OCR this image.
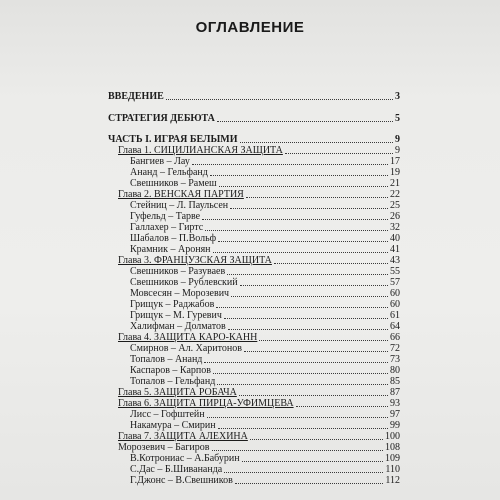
ОГЛАВЛЕНИЕ
ВВЕДЕНИЕ	3
СТРАТЕГИЯ ДЕБЮТА	5
ЧАСТЬ I. ИГРАЯ БЕЛЫМИ	9
Глава 1. СИЦИЛИАНСКАЯ ЗАЩИТА	9
Бангиев – Лау	17
Ананд – Гельфанд	19
Свешников – Рамеш	21
Глава 2. ВЕНСКАЯ ПАРТИЯ	22
Стейниц – Л. Паульсен	25
Гуфельд – Тарве	26
Галлахер – Гиртс	32
Шабалов – П.Вольф	40
Крамник – Аронян	41
Глава 3. ФРАНЦУЗСКАЯ ЗАЩИТА	43
Свешников – Разуваев	55
Свешников – Рублевский	57
Мовсесян – Морозевич	60
Грищук – Раджабов	60
Грищук – М. Гуревич	61
Халифман – Долматов	64
Глава 4. ЗАЩИТА КАРО-КАНН	66
Смирнов – Ал. Харитонов	72
Топалов – Ананд	73
Каспаров – Карпов	80
Топалов – Гельфанд	85
Глава 5. ЗАЩИТА РОБАЧА	87
Глава 6. ЗАЩИТА ПИРЦА-УФИМЦЕВА	93
Лисс – Гофштейн	97
Накамура – Смирин	99
Глава 7. ЗАЩИТА АЛЕХИНА	100
Морозевич – Багиров	108
В.Котрониас – А.Бабурин	109
С.Дас – Б.Шивананда	110
Г.Джонс – В.Свешников	112
